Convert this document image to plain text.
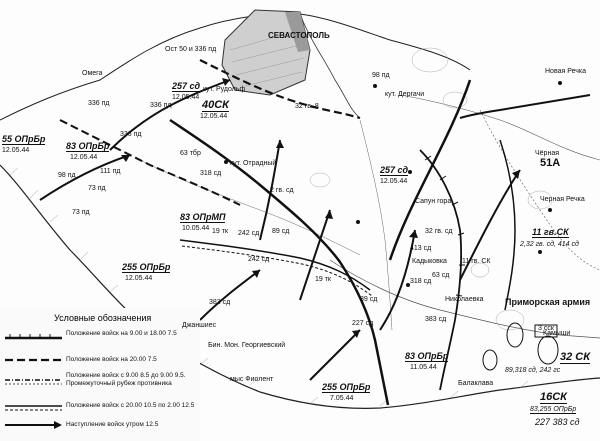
СЕВАСТОПОЛЬ
Ост 50 и 336 пд
Омега
кут. Дергачи
кут. Рудольф
кут. Отрадный
Джаншиес
Бин. Мон. Георгиевский
мыс Фиолент
Балаклава
Камыши
Чёрная
Кадыковка
Николаевка
Сапун гора
Новая Речка
Черная Речка
Приморская армия
51А
40СК
12.05.44
257 сд
12.05.44
257 сд
12.05.44
55 ОПрБр
12.05.44	83 ОПрБр
12.05.44
83 ОПрМП
10.05.44
83 ОПрБр
11.05.44
255 ОПрБр
12.05.44
255 ОПрБр
7.05.44
11 гв.СК
2,32 гв. сд, 414 сд
32 СК
89,318 сд, 242 гс
16СК
83,255 ОПрБр
227 383 сд
336 пд
336 пд	336 пд
73 пд
73 пд
98 пд
98 пд
32 гв. 8
242 сд
242 сд
318 сд
318 сд
89 сд
89 сд
19 тк
19 тк
63 тбр
63 сд
32 гв. сд
2 гв. сд
383 сд
383 сд
111 пд
11 гв. СК
3 сск
227 сд
413 сд
Условные обозначения
Положение войск на 9.00 и 18.00 7.5
Положение войск на 20.00 7.5
Положение войск с 9.00 8.5 до 9.00 9.5. Промежуточный рубеж противника
Положение войск с 20.00 10.5 по 2.00 12.5
Наступление войск утром 12.5
